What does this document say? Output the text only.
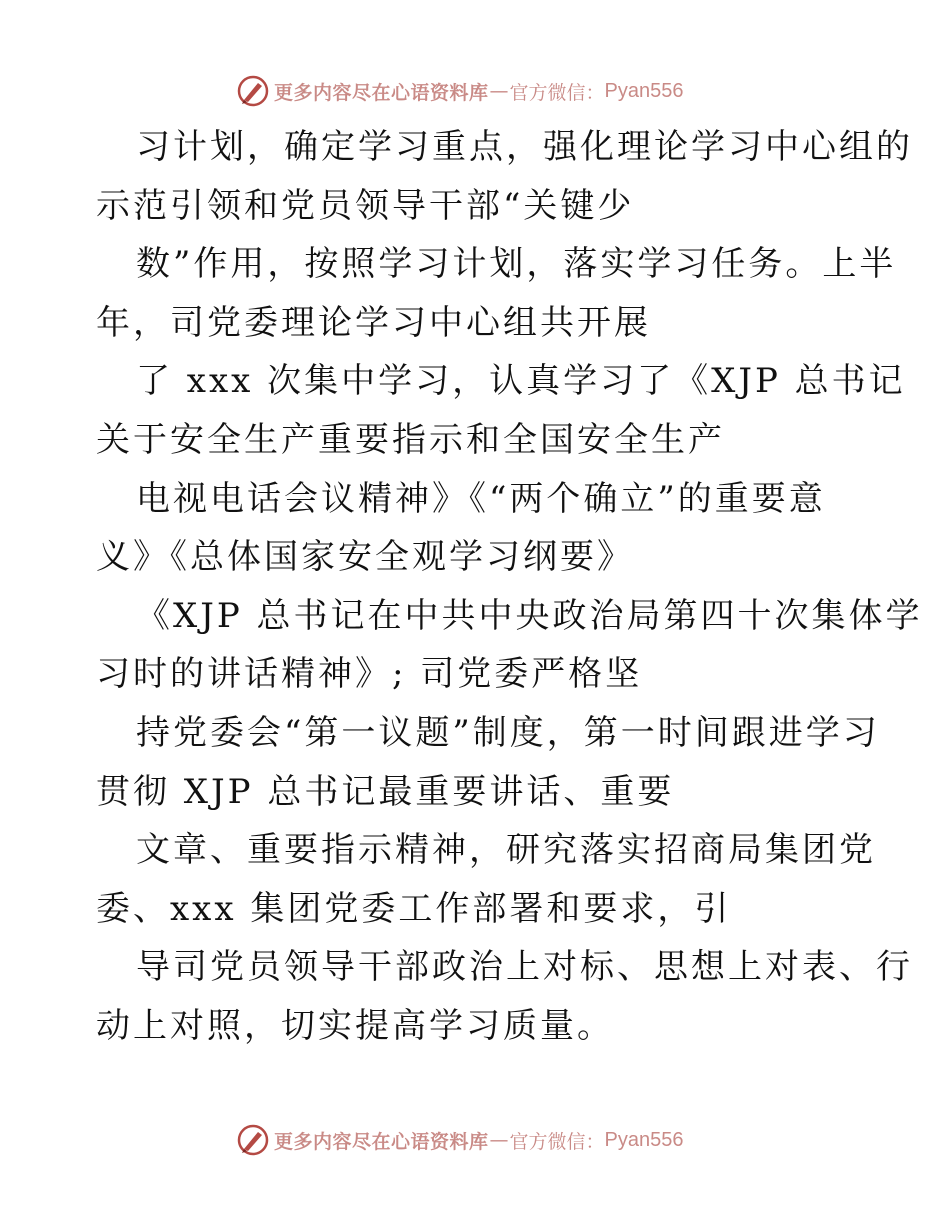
更多内容尽在心语资料库 — 官方微信： Pyan556
习计划，确定学习重点，强化理论学习中心组的
示范引领和党员领导干部“关键少
数”作用，按照学习计划，落实学习任务。上半
年，司党委理论学习中心组共开展
了 xxx 次集中学习，认真学习了《XJP 总书记
关于安全生产重要指示和全国安全生产
电视电话会议精神》《“两个确立”的重要意
义》《总体国家安全观学习纲要》
《XJP 总书记在中共中央政治局第四十次集体学
习时的讲话精神》; 司党委严格坚
持党委会“第一议题”制度，第一时间跟进学习
贯彻 XJP 总书记最重要讲话、重要
文章、重要指示精神，研究落实招商局集团党
委、xxx 集团党委工作部署和要求，引
导司党员领导干部政治上对标、思想上对表、行
动上对照，切实提高学习质量。
更多内容尽在心语资料库 — 官方微信： Pyan556
